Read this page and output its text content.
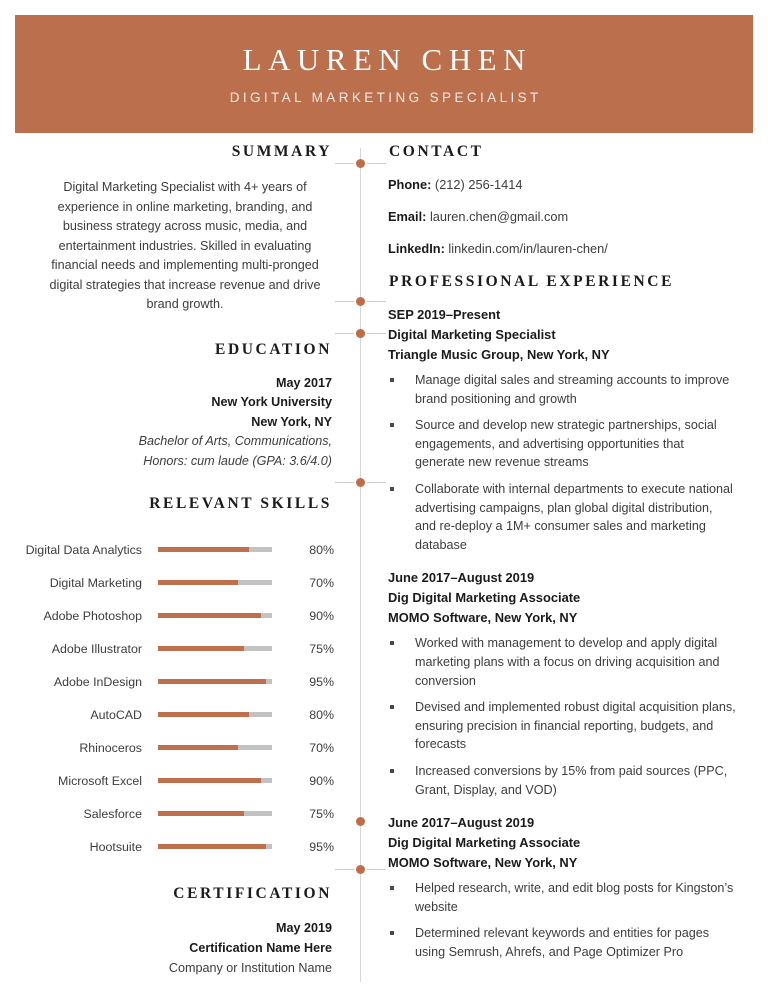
LAUREN CHEN
DIGITAL MARKETING SPECIALIST
SUMMARY
Digital Marketing Specialist with 4+ years of experience in online marketing, branding, and business strategy across music, media, and entertainment industries. Skilled in evaluating financial needs and implementing multi-pronged digital strategies that increase revenue and drive brand growth.
EDUCATION
May 2017
New York University
New York, NY
Bachelor of Arts, Communications,
Honors: cum laude (GPA: 3.6/4.0)
RELEVANT SKILLS
Digital Data Analytics	80%
Digital Marketing	70%
Adobe Photoshop	90%
Adobe Illustrator	75%
Adobe InDesign	95%
AutoCAD	80%
Rhinoceros	70%
Microsoft Excel	90%
Salesforce	75%
Hootsuite	95%
CERTIFICATION
May 2019
Certification Name Here
Company or Institution Name
CONTACT
Phone: (212) 256-1414
Email: lauren.chen@gmail.com
LinkedIn: linkedin.com/in/lauren-chen/
PROFESSIONAL EXPERIENCE
SEP 2019–Present
Digital Marketing Specialist
Triangle Music Group, New York, NY
Manage digital sales and streaming accounts to improve brand positioning and growth
Source and develop new strategic partnerships, social engagements, and advertising opportunities that generate new revenue streams
Collaborate with internal departments to execute national advertising campaigns, plan global digital distribution, and re-deploy a 1M+ consumer sales and marketing database
June 2017–August 2019
Dig Digital Marketing Associate
MOMO Software, New York, NY
Worked with management to develop and apply digital marketing plans with a focus on driving acquisition and conversion
Devised and implemented robust digital acquisition plans, ensuring precision in financial reporting, budgets, and forecasts
Increased conversions by 15% from paid sources (PPC, Grant, Display, and VOD)
June 2017–August 2019
Dig Digital Marketing Associate
MOMO Software, New York, NY
Helped research, write, and edit blog posts for Kingston’s website
Determined relevant keywords and entities for pages using Semrush, Ahrefs, and Page Optimizer Pro
